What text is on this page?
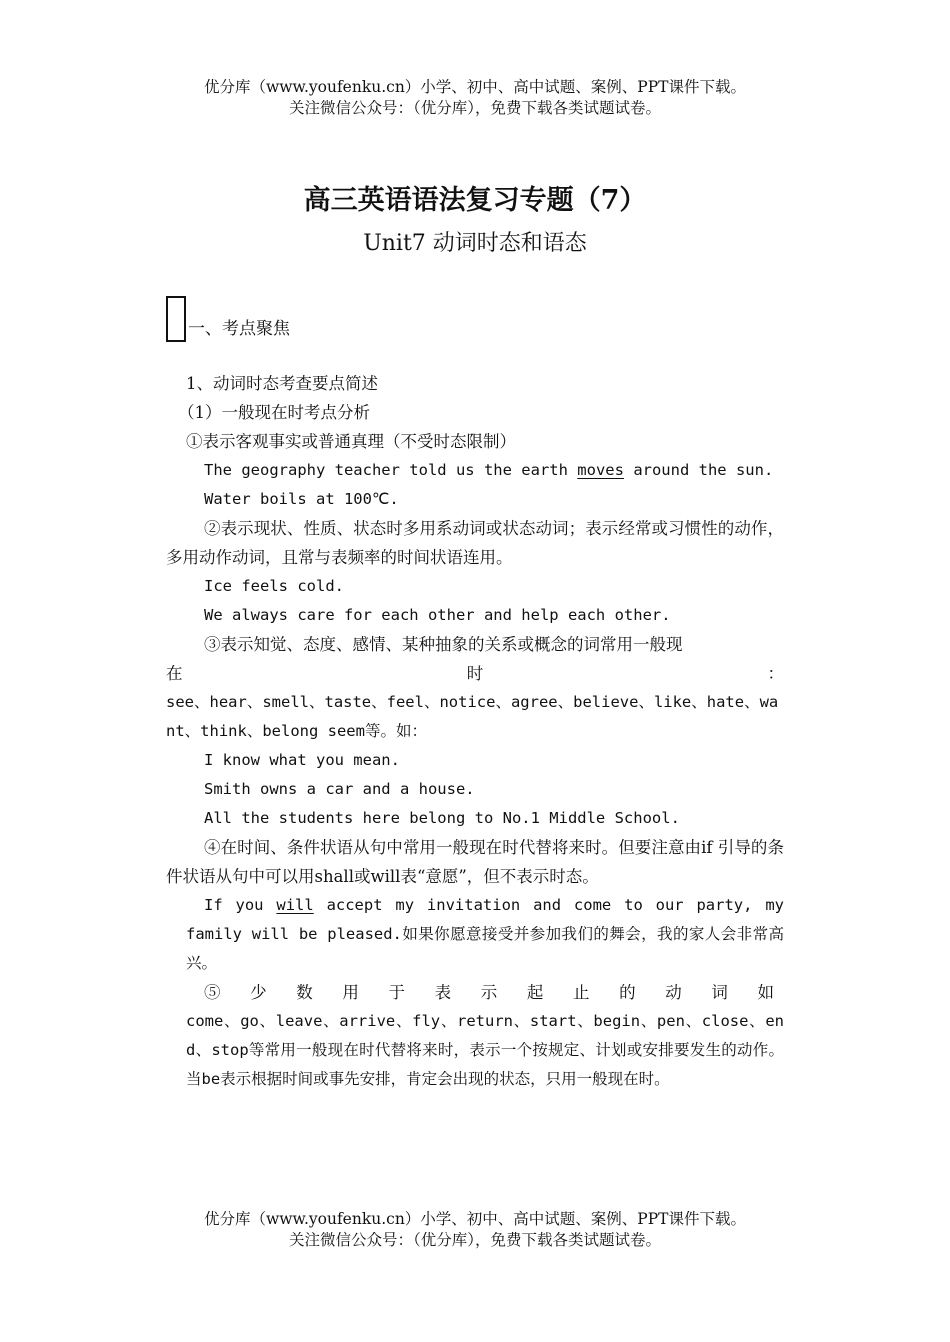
优分库（www.youfenku.cn）小学、初中、高中试题、案例、PPT课件下载。
关注微信公众号：（优分库），免费下载各类试题试卷。
高三英语语法复习专题（7）
Unit7 动词时态和语态
一、考点聚焦

1、动词时态考查要点简述

（1）一般现在时考点分析

①表示客观事实或普通真理（不受时态限制）

The geography teacher told us the earth moves around the sun.

Water boils at 100℃.

②表示现状、性质、状态时多用系动词或状态动词；表示经常或习惯性的动作，多用动作动词，且常与表频率的时间状语连用。

Ice feels cold.

We always care for each other and help each other.

③表示知觉、态度、感情、某种抽象的关系或概念的词常用一般现

在	时	：

see、hear、smell、taste、feel、notice、agree、believe、like、hate、want、think、belong seem等。如：

I know what you mean.

Smith owns a car and a house.

All the students here belong to No.1 Middle School.

④在时间、条件状语从句中常用一般现在时代替将来时。但要注意由if 引导的条件状语从句中可以用shall或will表“意愿”，但不表示时态。

If you will accept my invitation and come to our party, my family will be pleased.如果你愿意接受并参加我们的舞会，我的家人会非常高兴。

⑤少数用于表示起止的动词如

come、go、leave、arrive、fly、return、start、begin、pen、close、end、stop等常用一般现在时代替将来时，表示一个按规定、计划或安排要发生的动作。当be表示根据时间或事先安排，肯定会出现的状态，只用一般现在时。

优分库（www.youfenku.cn）小学、初中、高中试题、案例、PPT课件下载。
关注微信公众号：（优分库），免费下载各类试题试卷。
